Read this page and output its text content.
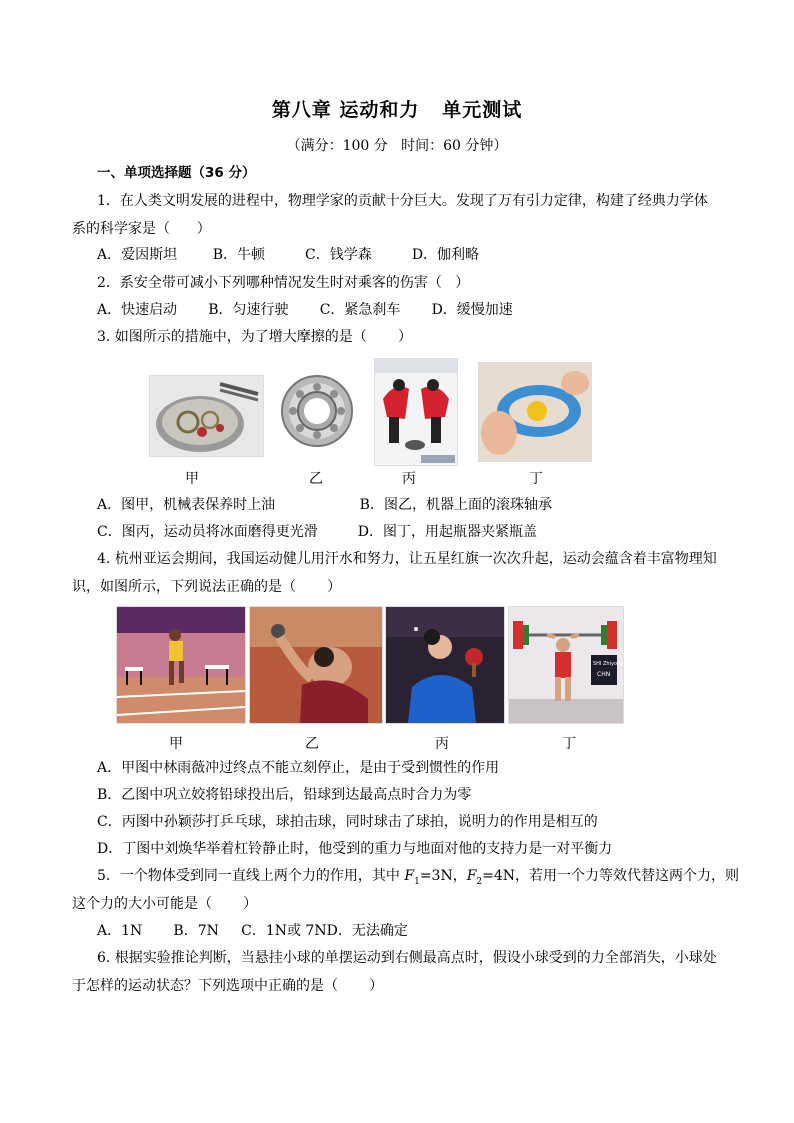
第八章 运动和力   单元测试
（满分：100 分   时间：60 分钟）
一、单项选择题（36 分）
1．在人类文明发展的进程中，物理学家的贡献十分巨大。发现了万有引力定律，构建了经典力学体
系的科学家是（      ）
A．爱因斯坦        B．牛顿         C．钱学森         D．伽利略
2．系安全带可减小下列哪种情况发生时对乘客的伤害（   ）
A．快速启动       B．匀速行驶       C．紧急刹车       D．缓慢加速
3. 如图所示的措施中，为了增大摩擦的是（       ）
甲	乙	丙	丁
A．图甲，机械表保养时上油                   B．图乙，机器上面的滚珠轴承
C．图丙，运动员将冰面磨得更光滑         D．图丁，用起瓶器夹紧瓶盖
4. 杭州亚运会期间，我国运动健儿用汗水和努力，让五星红旗一次次升起，运动会蕴含着丰富物理知
识，如图所示，下列说法正确的是（       ）
SHI Zhiyong
CHN
甲	乙	丙	丁
A．甲图中林雨薇冲过终点不能立刻停止，是由于受到惯性的作用
B．乙图中巩立姣将铅球投出后，铅球到达最高点时合力为零
C．丙图中孙颖莎打乒乓球，球拍击球，同时球击了球拍，说明力的作用是相互的
D．丁图中刘焕华举着杠铃静止时，他受到的重力与地面对他的支持力是一对平衡力
5．一个物体受到同一直线上两个力的作用，其中 $F_1=3N$，$F_2=4N$，若用一个力等效代替这两个力，则
这个力的大小可能是（       ）
A．1N       B．7N     C．1N或 7ND．无法确定
6. 根据实验推论判断，当悬挂小球的单摆运动到右侧最高点时，假设小球受到的力全部消失，小球处
于怎样的运动状态？下列选项中正确的是（       ）
